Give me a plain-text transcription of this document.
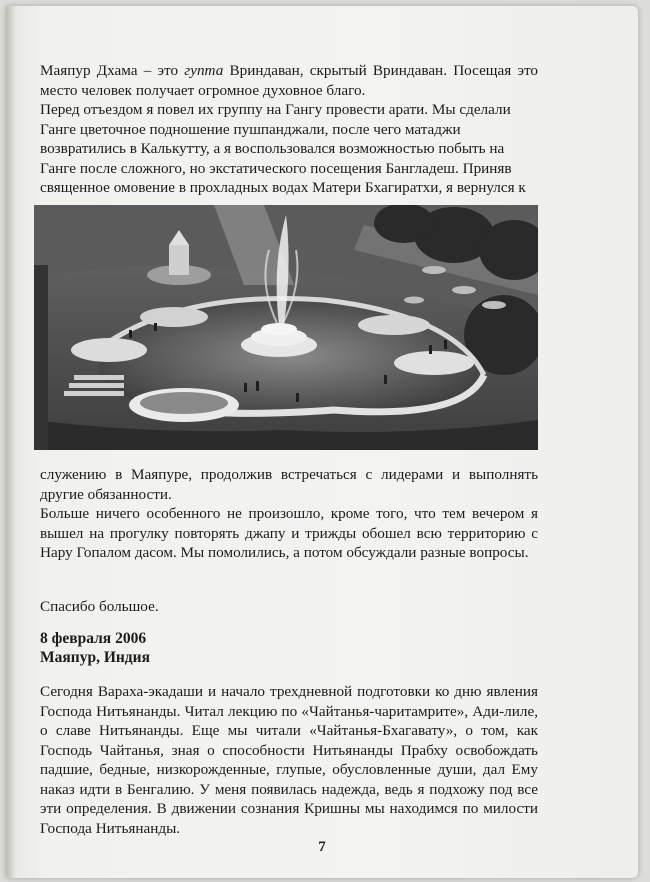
Маяпур Дхама – это гупта Вриндаван, скрытый Вриндаван. Посещая это место человек получает огромное духовное благо.

Перед отъездом я повел их группу на Гангу провести арати. Мы сделали Ганге цветочное подношение пушпанджали, после чего матаджи возвратились в Калькутту, а я воспользовался возможностью побыть на Ганге после сложного, но экстатического посещения Бангладеш. Приняв священное омовение в прохладных водах Матери Бхагиратхи, я вернулся к

служению в Маяпуре, продолжив встречаться с лидерами и выполнять другие обязанности.

Больше ничего особенного не произошло, кроме того, что тем вечером я вышел на прогулку повторять джапу и трижды обошел всю территорию с Нару Гопалом дасом. Мы помолились, а потом обсуждали разные вопросы.

Спасибо большое.

8 февраля 2006
Маяпур, Индия

Сегодня Вараха-экадаши и начало трехдневной подготовки ко дню явления Господа Нитьянанды. Читал лекцию по «Чайтанья-чаритамрите», Ади-лиле, о славе Нитьянанды. Еще мы читали «Чайтанья-Бхагавату», о том, как Господь Чайтанья, зная о способности Нитьянанды Прабху освобождать падшие, бедные, низкорожденные, глупые, обусловленные души, дал Ему наказ идти в Бенгалию. У меня появилась надежда, ведь я подхожу под все эти определения. В движении сознания Кришны мы находимся по милости Господа Нитьянанды.

7
